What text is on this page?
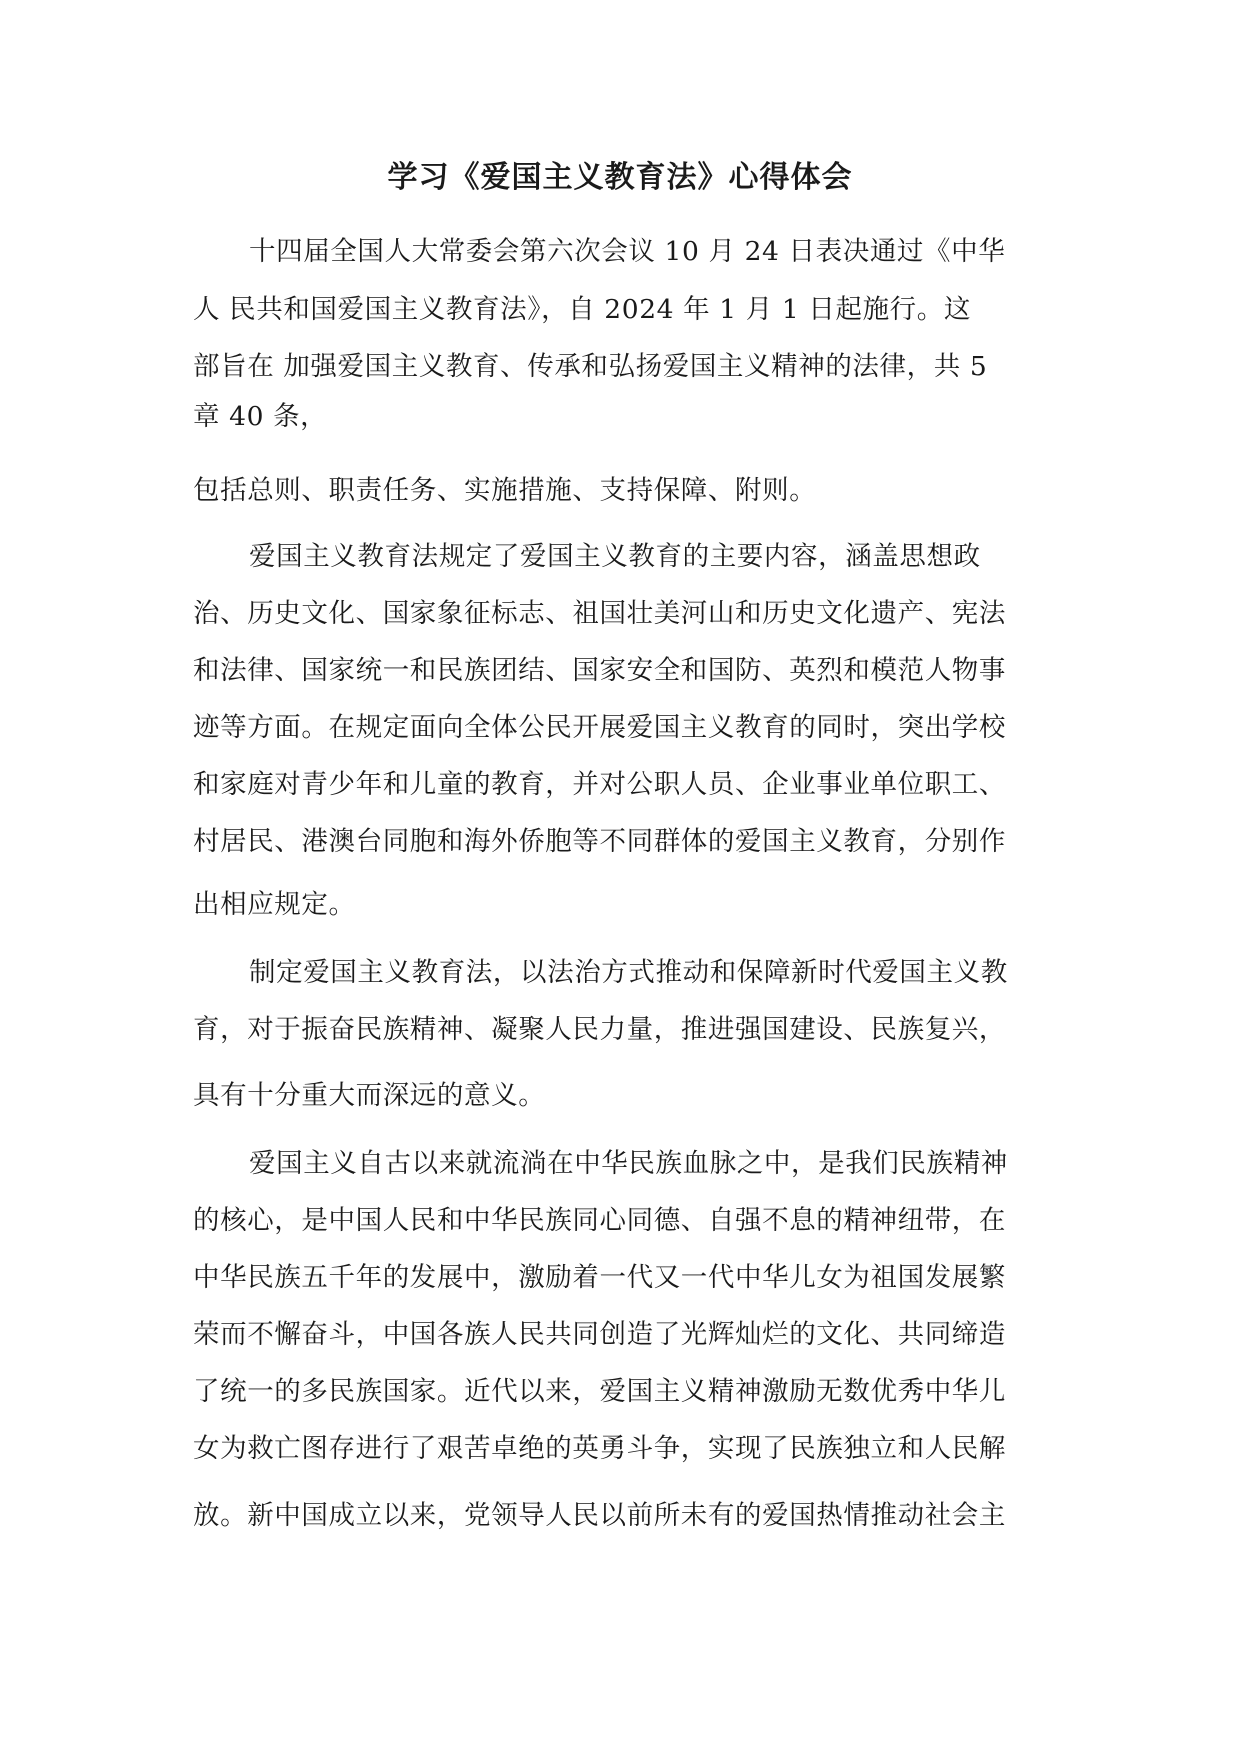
学习《爱国主义教育法》心得体会
十四届全国人大常委会第六次会议 10 月 24 日表决通过《中华
人 民共和国爱国主义教育法》，自 2024 年 1 月 1 日起施行。这
部旨在 加强爱国主义教育、传承和弘扬爱国主义精神的法律，共 5
章 40 条，
包括总则、职责任务、实施措施、支持保障、附则。
爱国主义教育法规定了爱国主义教育的主要内容，涵盖思想政
治、历史文化、国家象征标志、祖国壮美河山和历史文化遗产、宪法
和法律、国家统一和民族团结、国家安全和国防、英烈和模范人物事
迹等方面。在规定面向全体公民开展爱国主义教育的同时，突出学校
和家庭对青少年和儿童的教育，并对公职人员、企业事业单位职工、
村居民、港澳台同胞和海外侨胞等不同群体的爱国主义教育，分别作
出相应规定。
制定爱国主义教育法，以法治方式推动和保障新时代爱国主义教
育，对于振奋民族精神、凝聚人民力量，推进强国建设、民族复兴，
具有十分重大而深远的意义。
爱国主义自古以来就流淌在中华民族血脉之中，是我们民族精神
的核心，是中国人民和中华民族同心同德、自强不息的精神纽带，在
中华民族五千年的发展中，激励着一代又一代中华儿女为祖国发展繁
荣而不懈奋斗，中国各族人民共同创造了光辉灿烂的文化、共同缔造
了统一的多民族国家。近代以来，爱国主义精神激励无数优秀中华儿
女为救亡图存进行了艰苦卓绝的英勇斗争，实现了民族独立和人民解
放。新中国成立以来，党领导人民以前所未有的爱国热情推动社会主
